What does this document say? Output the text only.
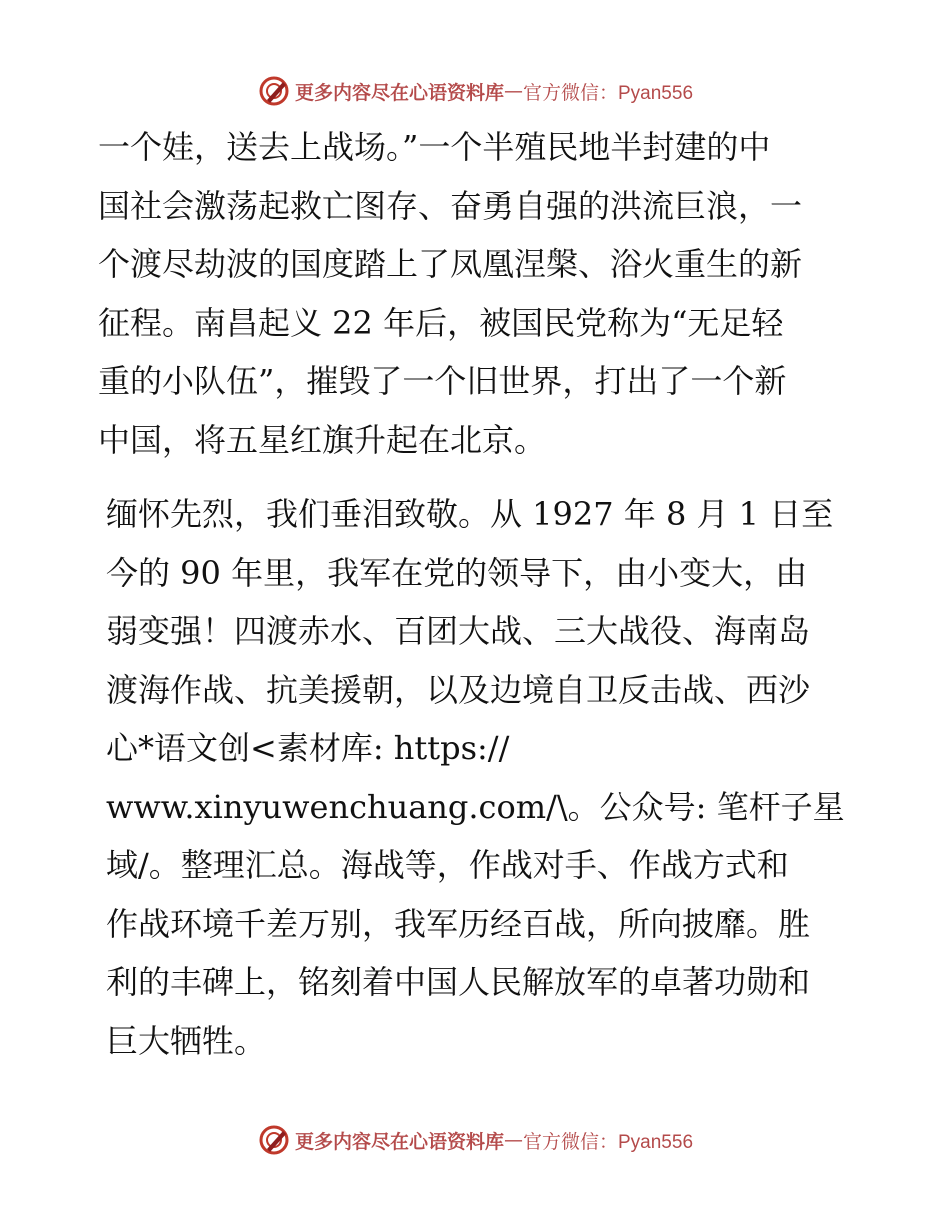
更多内容尽在心语资料库 — 官方微信：Pyan556

一个娃，送去上战场。”一个半殖民地半封建的中
国社会激荡起救亡图存、奋勇自强的洪流巨浪，一
个渡尽劫波的国度踏上了凤凰涅槃、浴火重生的新
征程。南昌起义 22 年后，被国民党称为“无足轻
重的小队伍”，摧毁了一个旧世界，打出了一个新
中国，将五星红旗升起在北京。

缅怀先烈，我们垂泪致敬。从 1927 年 8 月 1 日至
今的 90 年里，我军在党的领导下，由小变大，由
弱变强！四渡赤水、百团大战、三大战役、海南岛
渡海作战、抗美援朝，以及边境自卫反击战、西沙
心*语文创<素材库: https://
www.xinyuwenchuang.com/\。公众号: 笔杆子星
域/。整理汇总。海战等，作战对手、作战方式和
作战环境千差万别，我军历经百战，所向披靡。胜
利的丰碑上，铭刻着中国人民解放军的卓著功勋和
巨大牺牲。

更多内容尽在心语资料库 — 官方微信：Pyan556
